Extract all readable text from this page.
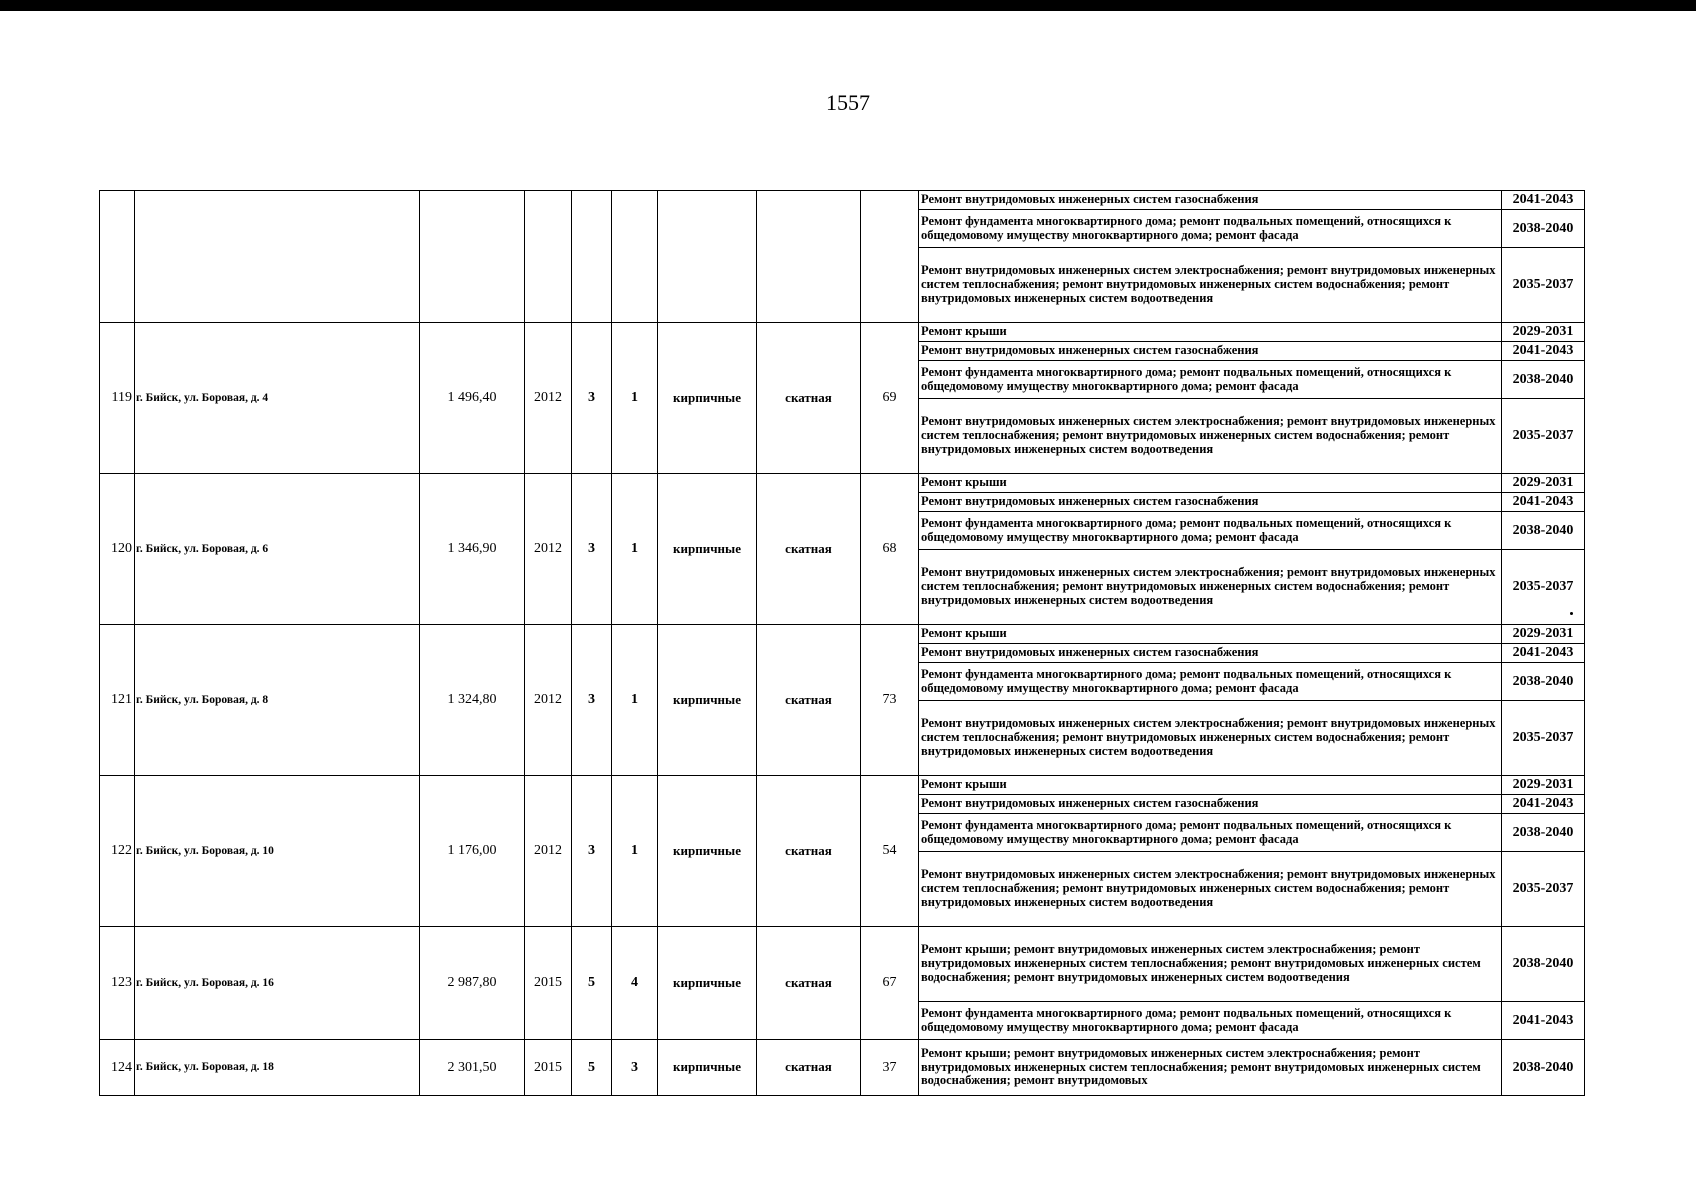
1557
									Ремонт внутридомовых инженерных систем газоснабжения	2041-2043
									Ремонт фундамента многоквартирного дома; ремонт подвальных помещений, относящихся к общедомовому имуществу многоквартирного дома; ремонт фасада	2038-2040
									Ремонт внутридомовых инженерных систем электроснабжения; ремонт внутридомовых инженерных систем теплоснабжения; ремонт внутридомовых инженерных систем водоснабжения; ремонт внутридомовых инженерных систем водоотведения	2035-2037
119	г. Бийск, ул. Боровая, д. 4	1 496,40	2012	3	1	кирпичные	скатная	69	Ремонт крыши	2029-2031
									Ремонт внутридомовых инженерных систем газоснабжения	2041-2043
									Ремонт фундамента многоквартирного дома; ремонт подвальных помещений, относящихся к общедомовому имуществу многоквартирного дома; ремонт фасада	2038-2040
									Ремонт внутридомовых инженерных систем электроснабжения; ремонт внутридомовых инженерных систем теплоснабжения; ремонт внутридомовых инженерных систем водоснабжения; ремонт внутридомовых инженерных систем водоотведения	2035-2037
120	г. Бийск, ул. Боровая, д. 6	1 346,90	2012	3	1	кирпичные	скатная	68	Ремонт крыши	2029-2031
									Ремонт внутридомовых инженерных систем газоснабжения	2041-2043
									Ремонт фундамента многоквартирного дома; ремонт подвальных помещений, относящихся к общедомовому имуществу многоквартирного дома; ремонт фасада	2038-2040
									Ремонт внутридомовых инженерных систем электроснабжения; ремонт внутридомовых инженерных систем теплоснабжения; ремонт внутридомовых инженерных систем водоснабжения; ремонт внутридомовых инженерных систем водоотведения	2035-2037
121	г. Бийск, ул. Боровая, д. 8	1 324,80	2012	3	1	кирпичные	скатная	73	Ремонт крыши	2029-2031
									Ремонт внутридомовых инженерных систем газоснабжения	2041-2043
									Ремонт фундамента многоквартирного дома; ремонт подвальных помещений, относящихся к общедомовому имуществу многоквартирного дома; ремонт фасада	2038-2040
									Ремонт внутридомовых инженерных систем электроснабжения; ремонт внутридомовых инженерных систем теплоснабжения; ремонт внутридомовых инженерных систем водоснабжения; ремонт внутридомовых инженерных систем водоотведения	2035-2037
122	г. Бийск, ул. Боровая, д. 10	1 176,00	2012	3	1	кирпичные	скатная	54	Ремонт крыши	2029-2031
									Ремонт внутридомовых инженерных систем газоснабжения	2041-2043
									Ремонт фундамента многоквартирного дома; ремонт подвальных помещений, относящихся к общедомовому имуществу многоквартирного дома; ремонт фасада	2038-2040
									Ремонт внутридомовых инженерных систем электроснабжения; ремонт внутридомовых инженерных систем теплоснабжения; ремонт внутридомовых инженерных систем водоснабжения; ремонт внутридомовых инженерных систем водоотведения	2035-2037
123	г. Бийск, ул. Боровая, д. 16	2 987,80	2015	5	4	кирпичные	скатная	67	Ремонт крыши; ремонт внутридомовых инженерных систем электроснабжения; ремонт внутридомовых инженерных систем теплоснабжения; ремонт внутридомовых инженерных систем водоснабжения; ремонт внутридомовых инженерных систем водоотведения	2038-2040
									Ремонт фундамента многоквартирного дома; ремонт подвальных помещений, относящихся к общедомовому имуществу многоквартирного дома; ремонт фасада	2041-2043
124	г. Бийск, ул. Боровая, д. 18	2 301,50	2015	5	3	кирпичные	скатная	37	Ремонт крыши; ремонт внутридомовых инженерных систем электроснабжения; ремонт внутридомовых инженерных систем теплоснабжения; ремонт внутридомовых инженерных систем водоснабжения; ремонт внутридомовых	2038-2040
